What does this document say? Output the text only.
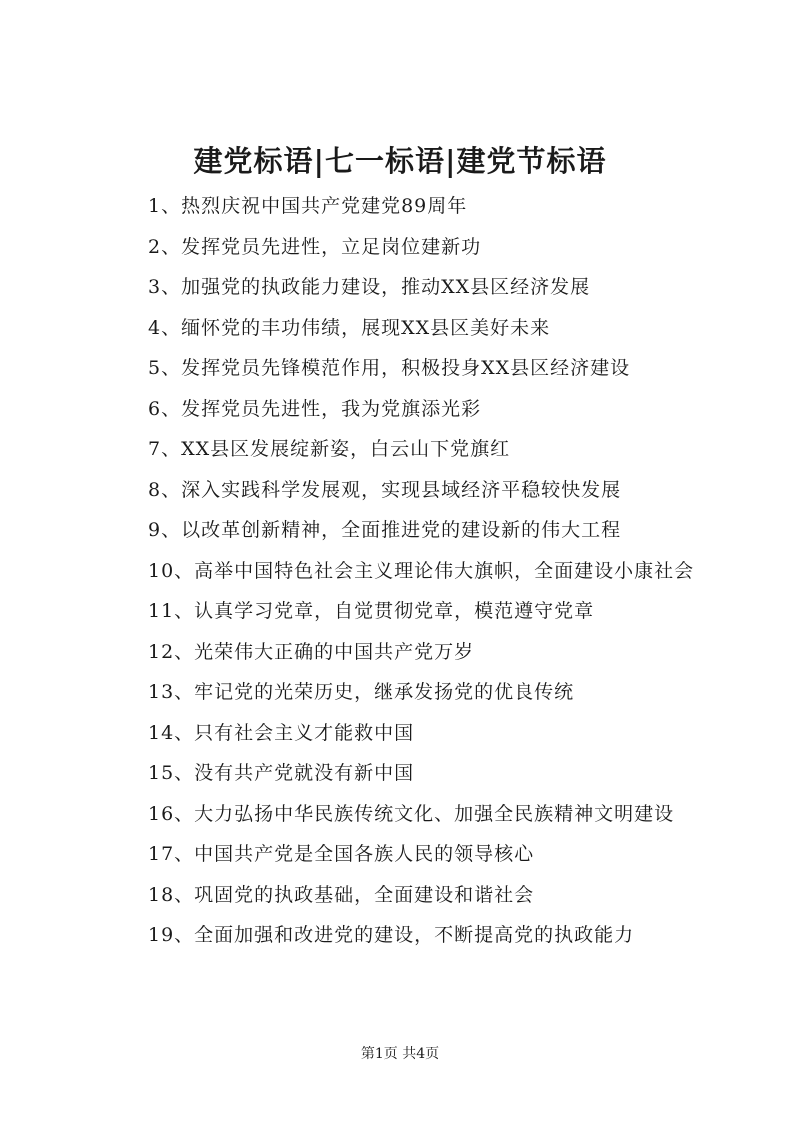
建党标语|七一标语|建党节标语
1、热烈庆祝中国共产党建党89周年
2、发挥党员先进性，立足岗位建新功
3、加强党的执政能力建设，推动XX县区经济发展
4、缅怀党的丰功伟绩，展现XX县区美好未来
5、发挥党员先锋模范作用，积极投身XX县区经济建设
6、发挥党员先进性，我为党旗添光彩
7、XX县区发展绽新姿，白云山下党旗红
8、深入实践科学发展观，实现县域经济平稳较快发展
9、以改革创新精神，全面推进党的建设新的伟大工程
10、高举中国特色社会主义理论伟大旗帜，全面建设小康社会
11、认真学习党章，自觉贯彻党章，模范遵守党章
12、光荣伟大正确的中国共产党万岁
13、牢记党的光荣历史，继承发扬党的优良传统
14、只有社会主义才能救中国
15、没有共产党就没有新中国
16、大力弘扬中华民族传统文化、加强全民族精神文明建设
17、中国共产党是全国各族人民的领导核心
18、巩固党的执政基础，全面建设和谐社会
19、全面加强和改进党的建设，不断提高党的执政能力
第1页 共4页
